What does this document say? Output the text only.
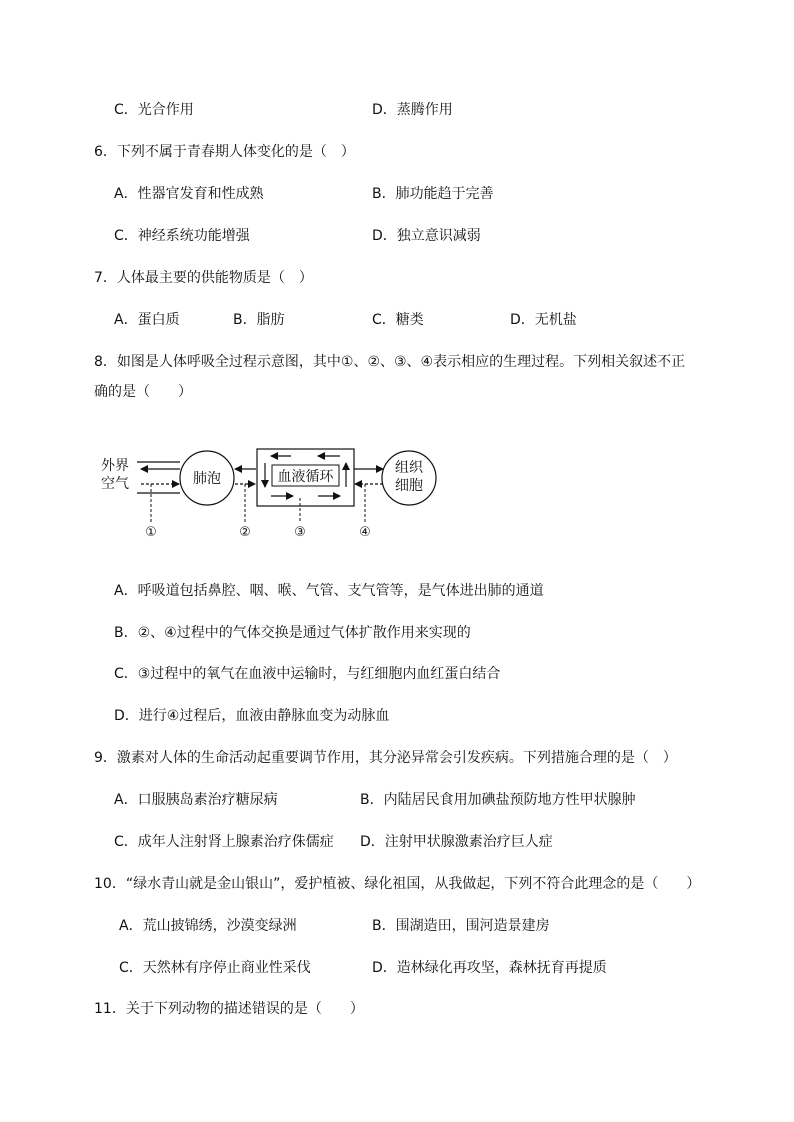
C．光合作用	D．蒸腾作用
6．下列不属于青春期人体变化的是（　）
A．性器官发育和性成熟	B．肺功能趋于完善
C．神经系统功能增强	D．独立意识减弱
7．人体最主要的供能物质是（　）
A．蛋白质	B．脂肪	C．糖类	D．无机盐
8．如图是人体呼吸全过程示意图，其中①、②、③、④表示相应的生理过程。下列相关叙述不正
确的是（　　）
外界
空气	肺泡	血液循环
组织
细胞
①	②	③	④
A．呼吸道包括鼻腔、咽、喉、气管、支气管等，是气体进出肺的通道
B．②、④过程中的气体交换是通过气体扩散作用来实现的
C．③过程中的氧气在血液中运输时，与红细胞内血红蛋白结合
D．进行④过程后，血液由静脉血变为动脉血
9．激素对人体的生命活动起重要调节作用，其分泌异常会引发疾病。下列措施合理的是（　）
A．口服胰岛素治疗糖尿病	B．内陆居民食用加碘盐预防地方性甲状腺肿
C．成年人注射肾上腺素治疗侏儒症 D．注射甲状腺激素治疗巨人症
10．“绿水青山就是金山银山”，爱护植被、绿化祖国，从我做起，下列不符合此理念的是（　　）
A．荒山披锦绣，沙漠变绿洲	B．围湖造田，围河造景建房
C．天然林有序停止商业性采伐	D．造林绿化再攻坚，森林抚育再提质
11．关于下列动物的描述错误的是（　　）
